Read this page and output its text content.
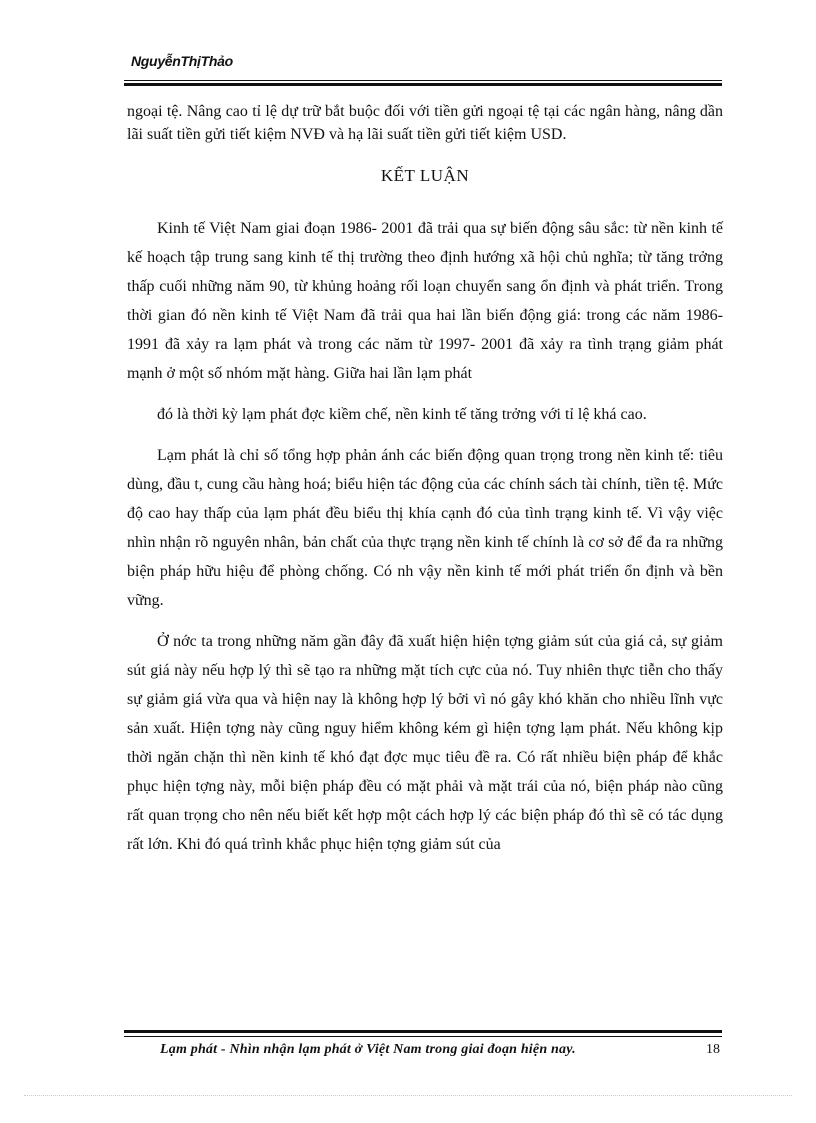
NguyễnThịThảo

ngoại tệ. Nâng cao tỉ lệ dự trữ bắt buộc đối với tiền gửi ngoại tệ tại các ngân hàng, nâng dần lãi suất tiền gửi tiết kiệm NVĐ và hạ lãi suất tiền gửi tiết kiệm USD.

KẾT LUẬN

Kinh tế Việt Nam giai đoạn 1986- 2001 đã trải qua sự biến động sâu sắc: từ nền kinh tế kế hoạch tập trung sang kinh tế thị trường theo định hướng xã hội chủ nghĩa; từ tăng trởng thấp cuối những năm 90, từ khủng hoảng rối loạn chuyển sang ổn định và phát triển. Trong thời gian đó nền kinh tế Việt Nam đã trải qua hai lần biến động giá: trong các năm 1986- 1991 đã xảy ra lạm phát và trong các năm từ 1997- 2001 đã xảy ra tình trạng giảm phát mạnh ở một số nhóm mặt hàng. Giữa hai lần lạm phát

đó là thời kỳ lạm phát đợc kiềm chế, nền kinh tế tăng trởng với tỉ lệ khá cao.

Lạm phát là chỉ số tổng hợp phản ánh các biến động quan trọng trong nền kinh tế: tiêu dùng, đầu t, cung cầu hàng hoá; biểu hiện tác động của các chính sách tài chính, tiền tệ. Mức độ cao hay thấp của lạm phát đều biểu thị khía cạnh đó của tình trạng kinh tế. Vì vậy việc nhìn nhận rõ nguyên nhân, bản chất của thực trạng nền kinh tế chính là cơ sở để đa ra những biện pháp hữu hiệu để phòng chống. Có nh vậy nền kinh tế mới phát triển ổn định và bền vững.

Ở nớc ta trong những năm gần đây đã xuất hiện hiện tợng giảm sút của giá cả, sự giảm sút giá này nếu hợp lý thì sẽ tạo ra những mặt tích cực của nó. Tuy nhiên thực tiễn cho thấy sự giảm giá vừa qua và hiện nay là không hợp lý bởi vì nó gây khó khăn cho nhiều lĩnh vực sản xuất. Hiện tợng này cũng nguy hiểm không kém gì hiện tợng lạm phát. Nếu không kịp thời ngăn chặn thì nền kinh tế khó đạt đợc mục tiêu đề ra. Có rất nhiều biện pháp để khắc phục hiện tợng này, mỗi biện pháp đều có mặt phải và mặt trái của nó, biện pháp nào cũng rất quan trọng cho nên nếu biết kết hợp một cách hợp lý các biện pháp đó thì sẽ có tác dụng rất lớn. Khi đó quá trình khắc phục hiện tợng giảm sút của

Lạm phát - Nhìn nhận lạm phát ở Việt Nam trong giai đoạn hiện nay.	18
